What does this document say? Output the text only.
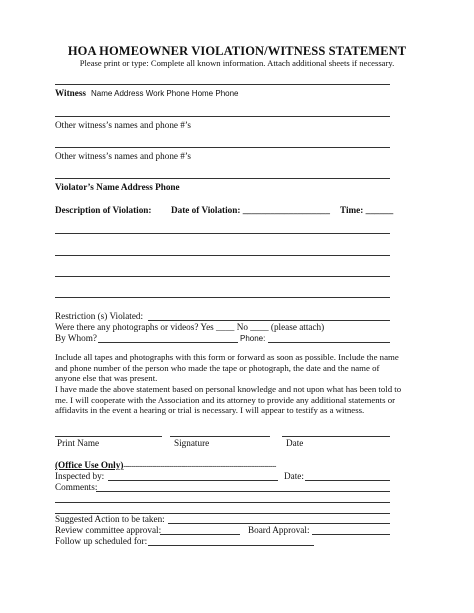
HOA HOMEOWNER VIOLATION/WITNESS STATEMENT
Please print or type: Complete all known information. Attach additional sheets if necessary.
Witness Name Address Work Phone Home Phone
Other witness’s names and phone #’s
Other witness’s names and phone #’s
Violator’s Name Address Phone
Description of Violation: Date of Violation: ___________________ Time: ______
Restriction (s) Violated:
Were there any photographs or videos? Yes ____ No ____ (please attach)
By Whom?	Phone:
Include all tapes and photographs with this form or forward as soon as possible. Include the name and phone number of the person who made the tape or photograph, the date and the name of anyone else that was present.
I have made the above statement based on personal knowledge and not upon what has been told to me. I will cooperate with the Association and its attorney to provide any additional statements or affidavits in the event a hearing or trial is necessary. I will appear to testify as a witness.
Print Name	Signature	Date
(Office Use Only)-------------------------------------------------------------------------------
Inspected by:	Date:
Comments:
Suggested Action to be taken:
Review committee approval:	Board Approval:
Follow up scheduled for:
